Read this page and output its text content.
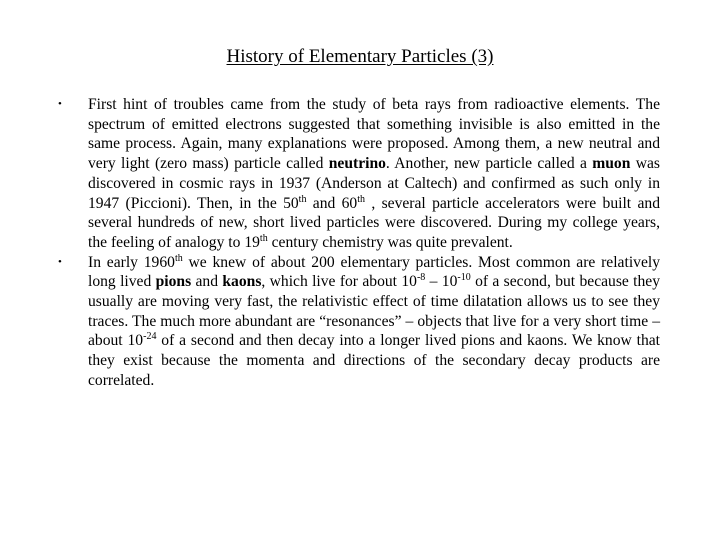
History of Elementary Particles (3)
• First hint of troubles came from the study of beta rays from radioactive elements. The spectrum of emitted electrons suggested that something invisible is also emitted in the same process. Again, many explanations were proposed. Among them, a new neutral and very light (zero mass) particle called neutrino. Another, new particle called a muon was discovered in cosmic rays in 1937 (Anderson at Caltech) and confirmed as such only in 1947 (Piccioni). Then, in the 50th and 60th , several particle accelerators were built and several hundreds of new, short lived particles were discovered. During my college years, the feeling of analogy to 19th century chemistry was quite prevalent.
• In early 1960th we knew of about 200 elementary particles. Most common are relatively long lived pions and kaons, which live for about $10^{-8} - 10^{-10}$ of a second, but because they usually are moving very fast, the relativistic effect of time dilatation allows us to see they traces. The much more abundant are “resonances” – objects that live for a very short time – about $10^{-24}$ of a second and then decay into a longer lived pions and kaons. We know that they exist because the momenta and directions of the secondary decay products are correlated.
